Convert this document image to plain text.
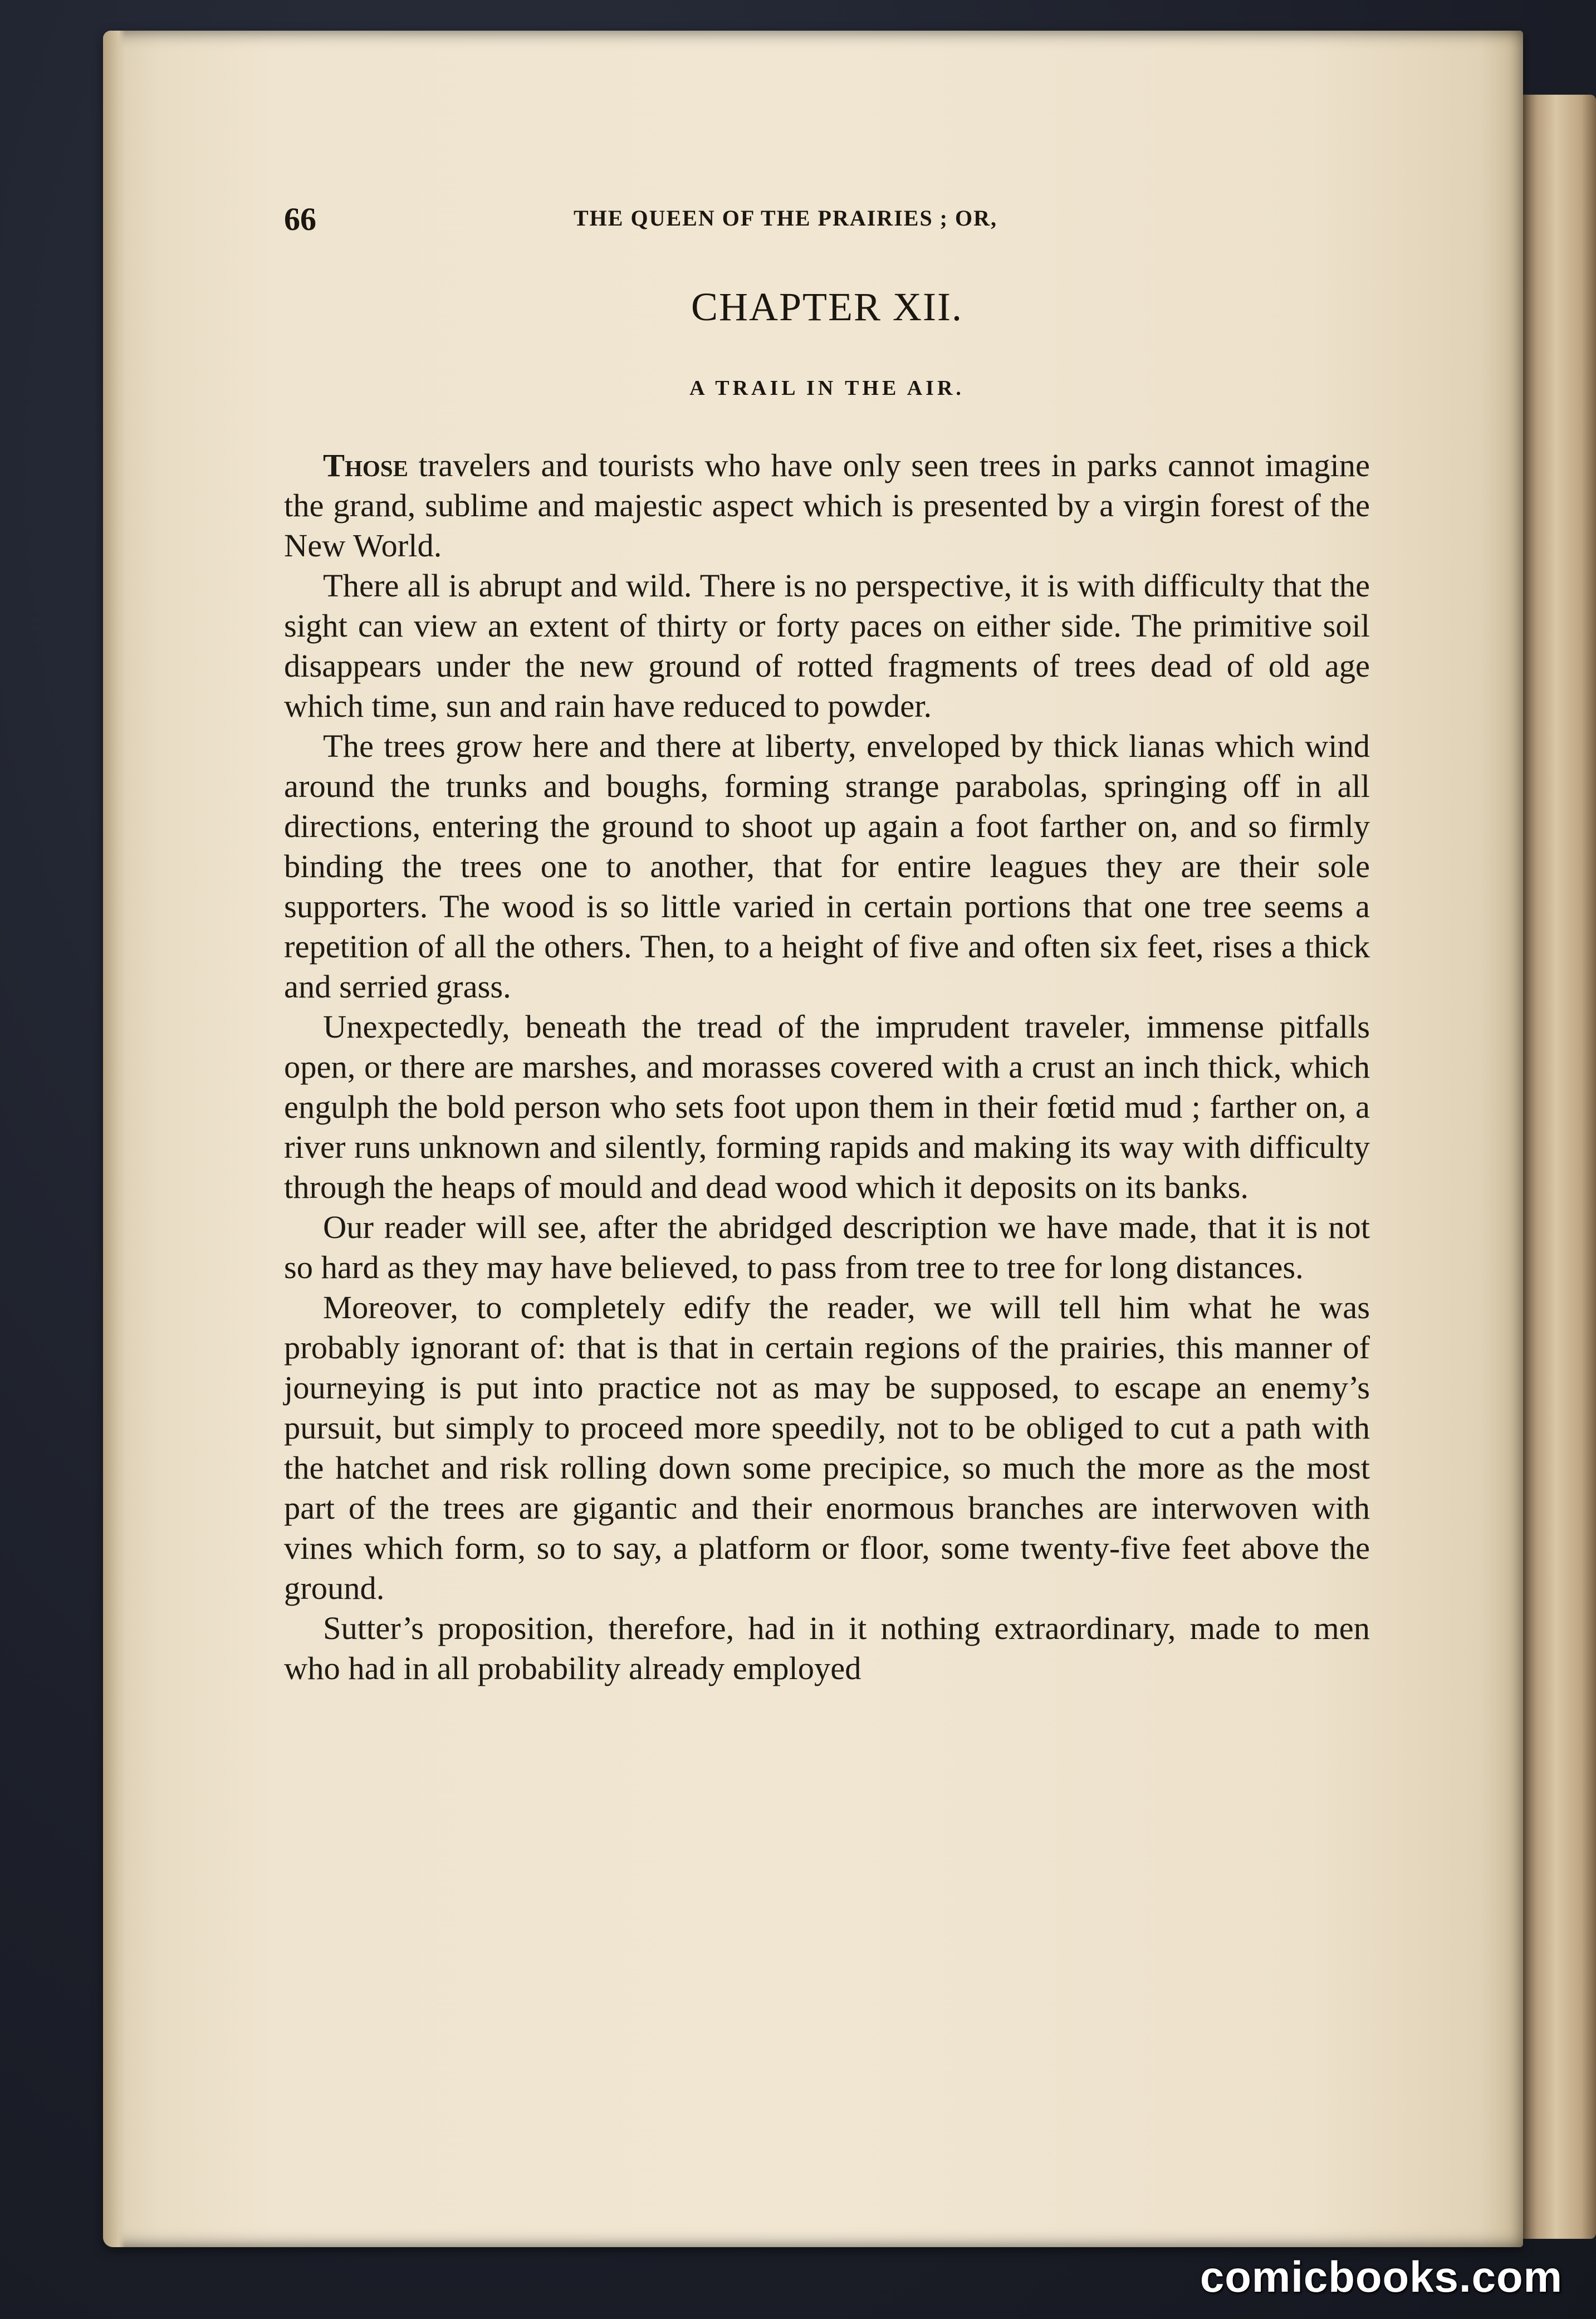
66	THE QUEEN OF THE PRAIRIES ; OR,
CHAPTER XII.
A TRAIL IN THE AIR.

Those travelers and tourists who have only seen trees in parks cannot imagine the grand, sublime and majestic aspect which is presented by a virgin forest of the New World.

There all is abrupt and wild. There is no perspective, it is with difficulty that the sight can view an extent of thirty or forty paces on either side. The primitive soil disappears under the new ground of rotted fragments of trees dead of old age which time, sun and rain have reduced to powder.

The trees grow here and there at liberty, enveloped by thick lianas which wind around the trunks and boughs, forming strange parabolas, springing off in all directions, entering the ground to shoot up again a foot farther on, and so firmly binding the trees one to another, that for entire leagues they are their sole supporters. The wood is so little varied in certain portions that one tree seems a repetition of all the others. Then, to a height of five and often six feet, rises a thick and serried grass.

Unexpectedly, beneath the tread of the imprudent traveler, immense pitfalls open, or there are marshes, and morasses covered with a crust an inch thick, which engulph the bold person who sets foot upon them in their fœtid mud ; farther on, a river runs unknown and silently, forming rapids and making its way with difficulty through the heaps of mould and dead wood which it deposits on its banks.

Our reader will see, after the abridged description we have made, that it is not so hard as they may have believed, to pass from tree to tree for long distances.

Moreover, to completely edify the reader, we will tell him what he was probably ignorant of: that is that in certain regions of the prairies, this manner of journeying is put into practice not as may be supposed, to escape an enemy’s pursuit, but simply to proceed more speedily, not to be obliged to cut a path with the hatchet and risk rolling down some precipice, so much the more as the most part of the trees are gigantic and their enormous branches are interwoven with vines which form, so to say, a platform or floor, some twenty-five feet above the ground.

Sutter’s proposition, therefore, had in it nothing extraordinary, made to men who had in all probability already employed

comicbooks.com
